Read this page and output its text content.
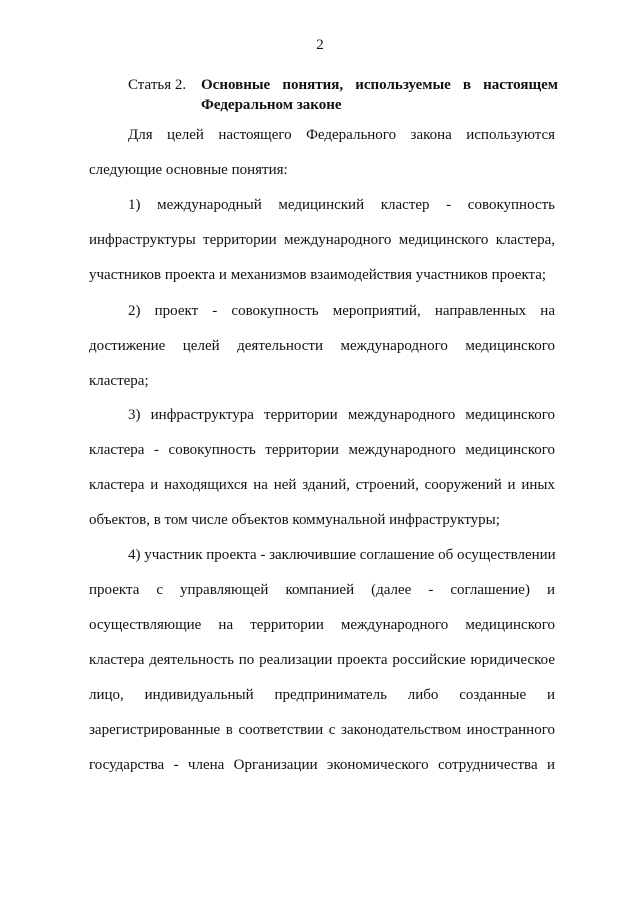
2
Статья 2. Основные понятия, используемые в настоящем Федеральном законе
Для целей настоящего Федерального закона используются
следующие основные понятия:
1) международный медицинский кластер - совокупность
инфраструктуры территории международного медицинского кластера,
участников проекта и механизмов взаимодействия участников проекта;
2) проект - совокупность мероприятий, направленных на
достижение целей деятельности международного медицинского
кластера;
3) инфраструктура территории международного медицинского
кластера - совокупность территории международного медицинского
кластера и находящихся на ней зданий, строений, сооружений и иных
объектов, в том числе объектов коммунальной инфраструктуры;
4) участник проекта - заключившие соглашение об осуществлении
проекта с управляющей компанией (далее - соглашение) и
осуществляющие на территории международного медицинского
кластера деятельность по реализации проекта российские юридическое
лицо, индивидуальный предприниматель либо созданные и
зарегистрированные в соответствии с законодательством иностранного
государства - члена Организации экономического сотрудничества и
